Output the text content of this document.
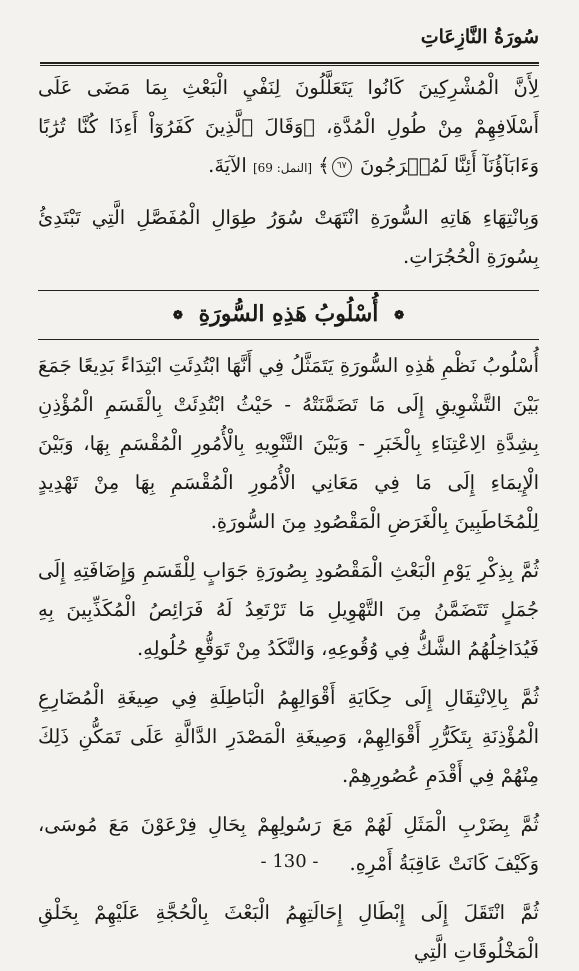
سُورَةُ النَّازِعَاتِ

لِأَنَّ الْمُشْرِكِينَ كَانُوا يَتَعَلَّلُونَ لِنَفْيِ الْبَعْثِ بِمَا مَضَى عَلَى أَسْلَافِهِمْ مِنْ طُولِ الْمُدَّةِ، ﴿وَقَالَ ٱلَّذِينَ كَفَرُوٓاْ أَءِذَا كُنَّا تُرَٰبًا وَءَابَآؤُنَآ أَئِنَّا لَمُخۡرَجُونَ ٦٧﴾ [النمل: 69] الآيَةَ.

وَبِانْتِهَاءِ هَاتِهِ السُّورَةِ انْتَهَتْ سُوَرُ طِوَالِ الْمُفَصَّلِ الَّتِي تَبْتَدِئُ بِسُورَةِ الْحُجُرَاتِ.

❁ أُسْلُوبُ هَذِهِ السُّورَةِ ❁

أُسْلُوبُ نَظْمِ هَٰذِهِ السُّورَةِ يَتَمَثَّلُ فِي أَنَّهَا ابْتُدِئَتِ ابْتِدَاءً بَدِيعًا جَمَعَ بَيْنَ التَّشْوِيقِ إِلَى مَا تَضَمَّنَتْهُ - حَيْثُ ابْتُدِئَتْ بِالْقَسَمِ الْمُؤْذِنِ بِشِدَّةِ الِاعْتِنَاءِ بِالْخَبَرِ - وَبَيْنَ التَّنْوِيهِ بِالْأُمُورِ الْمُقْسَمِ بِهَا، وَبَيْنَ الْإِيمَاءِ إِلَى مَا فِي مَعَانِي الْأُمُورِ الْمُقْسَمِ بِهَا مِنْ تَهْدِيدٍ لِلْمُخَاطَبِينَ بِالْغَرَضِ الْمَقْصُودِ مِنَ السُّورَةِ.

ثُمَّ بِذِكْرِ يَوْمِ الْبَعْثِ الْمَقْصُودِ بِصُورَةِ جَوَابٍ لِلْقَسَمِ وَإِضَافَتِهِ إِلَى جُمَلٍ تَتَضَمَّنُ مِنَ التَّهْوِيلِ مَا تَرْتَعِدُ لَهُ فَرَائِصُ الْمُكَذِّبِينَ بِهِ فَيُدَاخِلُهُمُ الشَّكُّ فِي وُقُوعِهِ، وَالنَّكَدُ مِنْ تَوَقُّعِ حُلُولِهِ.

ثُمَّ بِالِانْتِقَالِ إِلَى حِكَايَةِ أَقْوَالِهِمُ الْبَاطِلَةِ فِي صِيغَةِ الْمُضَارِعِ الْمُؤْذِنَةِ بِتَكَرُّرِ أَقْوَالِهِمْ، وَصِيغَةِ الْمَصْدَرِ الدَّالَّةِ عَلَى تَمَكُّنِ ذَلِكَ مِنْهُمْ فِي أَقْدَمِ عُصُورِهِمْ.

ثُمَّ بِضَرْبِ الْمَثَلِ لَهُمْ مَعَ رَسُولِهِمْ بِحَالِ فِرْعَوْنَ مَعَ مُوسَى، وَكَيْفَ كَانَتْ عَاقِبَةُ أَمْرِهِ.

ثُمَّ انْتَقَلَ إِلَى إِبْطَالِ إِحَالَتِهِمُ الْبَعْثَ بِالْحُجَّةِ عَلَيْهِمْ بِخَلْقِ الْمَخْلُوقَاتِ الَّتِي

- 130 -
